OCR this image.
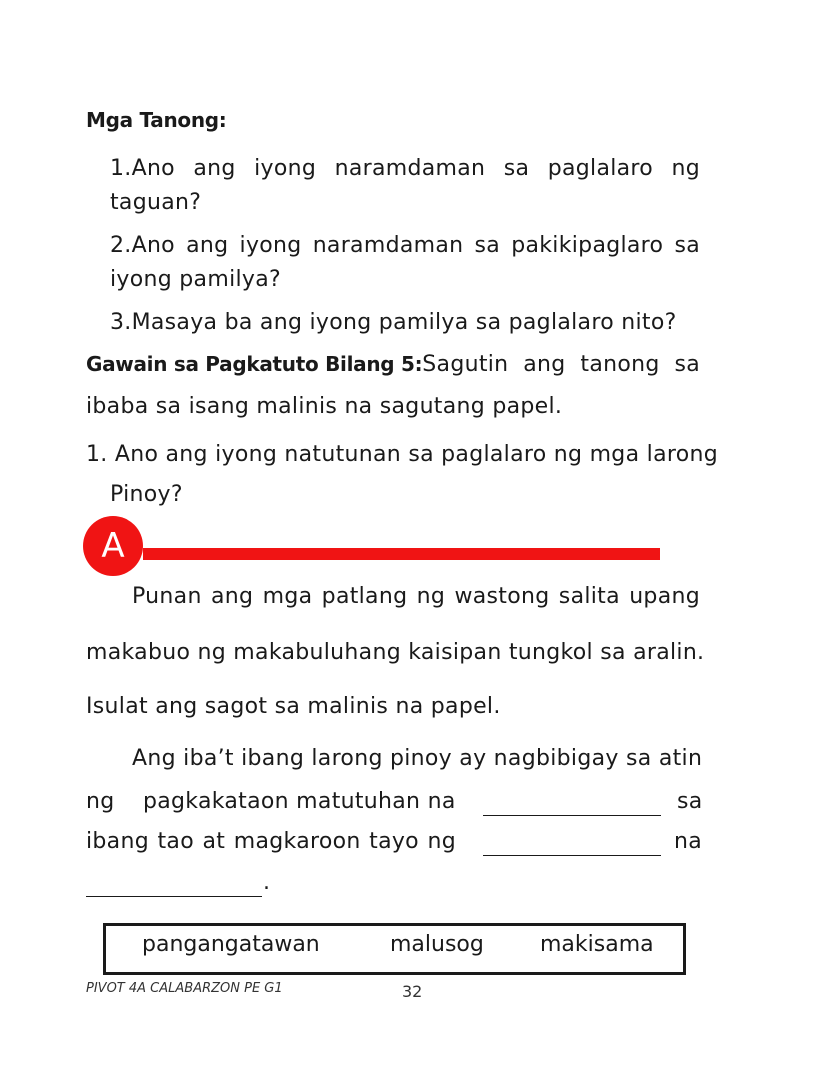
Mga Tanong:
1.Ano ang iyong naramdaman sa paglalaro ng
taguan?
2.Ano ang iyong naramdaman sa pakikipaglaro sa
iyong pamilya?
3.Masaya ba ang iyong pamilya sa paglalaro nito?
Gawain sa Pagkatuto Bilang 5: Sagutin ang tanong sa
ibaba sa isang malinis na sagutang papel.
1. Ano ang iyong natutunan sa paglalaro ng mga larong
Pinoy?
A
Punan ang mga patlang ng wastong salita upang
makabuo ng makabuluhang kaisipan tungkol sa aralin.
Isulat ang sagot sa malinis na papel.
Ang iba’t ibang larong pinoy ay nagbibigay sa atin
ng pagkakataon matutuhan na	sa
ibang tao at magkaroon tayo ng	na
.
pangangatawan	malusog	makisama
PIVOT 4A CALABARZON PE G1	32
